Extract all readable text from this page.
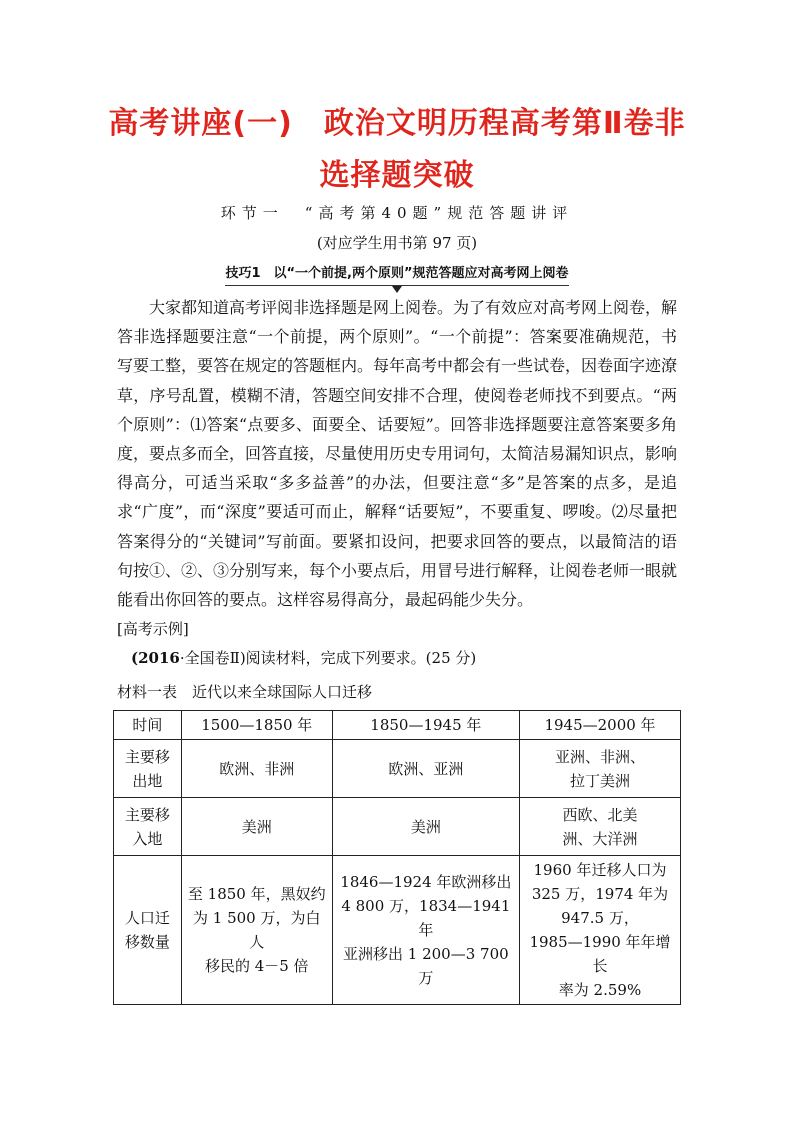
高考讲座(一)　政治文明历程高考第Ⅱ卷非
选择题突破
环节一　“高考第40题”规范答题讲评
(对应学生用书第 97 页)
技巧1　以“一个前提,两个原则”规范答题应对高考网上阅卷
大家都知道高考评阅非选择题是网上阅卷。为了有效应对高考网上阅卷，解答非选择题要注意“一个前提，两个原则”。“一个前提”：答案要准确规范，书写要工整，要答在规定的答题框内。每年高考中都会有一些试卷，因卷面字迹潦草，序号乱置，模糊不清，答题空间安排不合理，使阅卷老师找不到要点。“两个原则”：⑴答案“点要多、面要全、话要短”。回答非选择题要注意答案要多角度，要点多而全，回答直接，尽量使用历史专用词句，太简洁易漏知识点，影响得高分，可适当采取“多多益善”的办法，但要注意“多”是答案的点多，是追求“广度”，而“深度”要适可而止，解释“话要短”，不要重复、啰唆。⑵尽量把答案得分的“关键词”写前面。要紧扣设问，把要求回答的要点，以最简洁的语句按①、②、③分别写来，每个小要点后，用冒号进行解释，让阅卷老师一眼就能看出你回答的要点。这样容易得高分，最起码能少失分。
[高考示例]
(2016·全国卷Ⅱ)阅读材料，完成下列要求。(25 分)
材料一表　近代以来全球国际人口迁移
时间	1500—1850 年	1850—1945 年	1945—2000 年

主要移
出地	欧洲、非洲	欧洲、亚洲	亚洲、非洲、
拉丁美洲

主要移
入地	美洲	美洲	西欧、北美
洲、大洋洲

人口迁
移数量	至 1850 年，黑奴约
为 1 500 万，为白人
移民的 4－5 倍	1846—1924 年欧洲移出
4 800 万，1834—1941 年
亚洲移出 1 200—3 700
万	1960 年迁移人口为
325 万，1974 年为
947.5 万，
1985—1990 年年增长
率为 2.59%
